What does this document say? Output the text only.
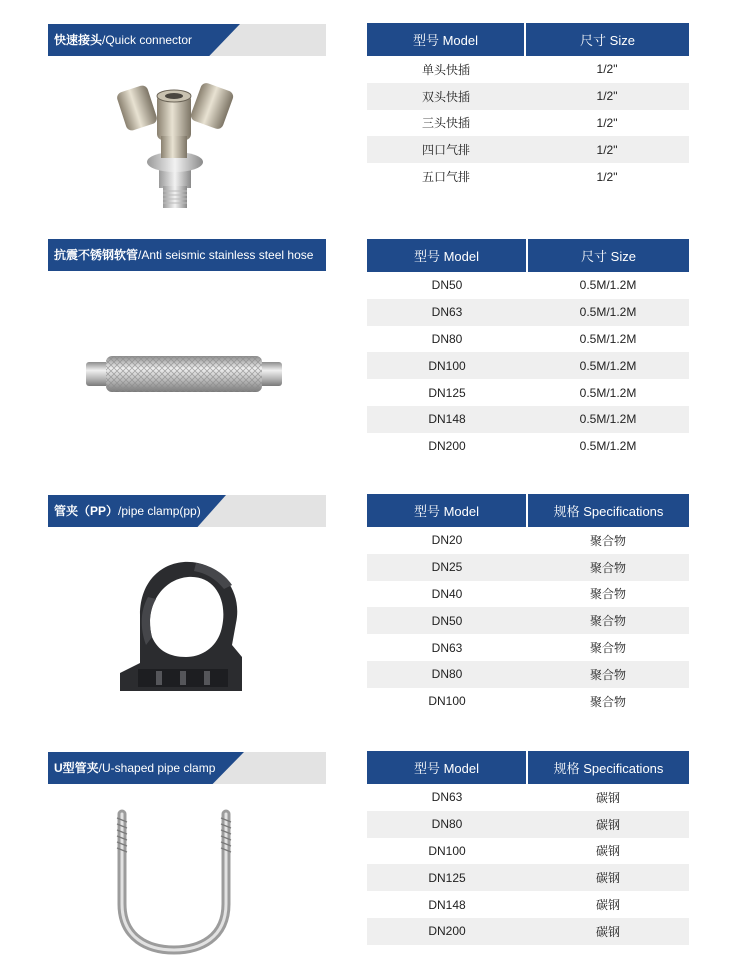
快速接头/Quick connector	型号 Model	尺寸 Size
单头快插	1/2"
双头快插	1/2"
三头快插	1/2"
四口气排	1/2"
五口气排	1/2"
抗震不锈钢软管/Anti seismic stainless steel hose	型号 Model	尺寸 Size
DN50	0.5M/1.2M
DN63	0.5M/1.2M
DN80	0.5M/1.2M
DN100	0.5M/1.2M
DN125	0.5M/1.2M
DN148	0.5M/1.2M
DN200	0.5M/1.2M
管夹（PP）/pipe clamp(pp)	型号 Model	规格 Specifications
DN20	聚合物
DN25	聚合物
DN40	聚合物
DN50	聚合物
DN63	聚合物
DN80	聚合物
DN100	聚合物
U型管夹/U-shaped pipe clamp	型号 Model	规格 Specifications
DN63	碳钢
DN80	碳钢
DN100	碳钢
DN125	碳钢
DN148	碳钢
DN200	碳钢
